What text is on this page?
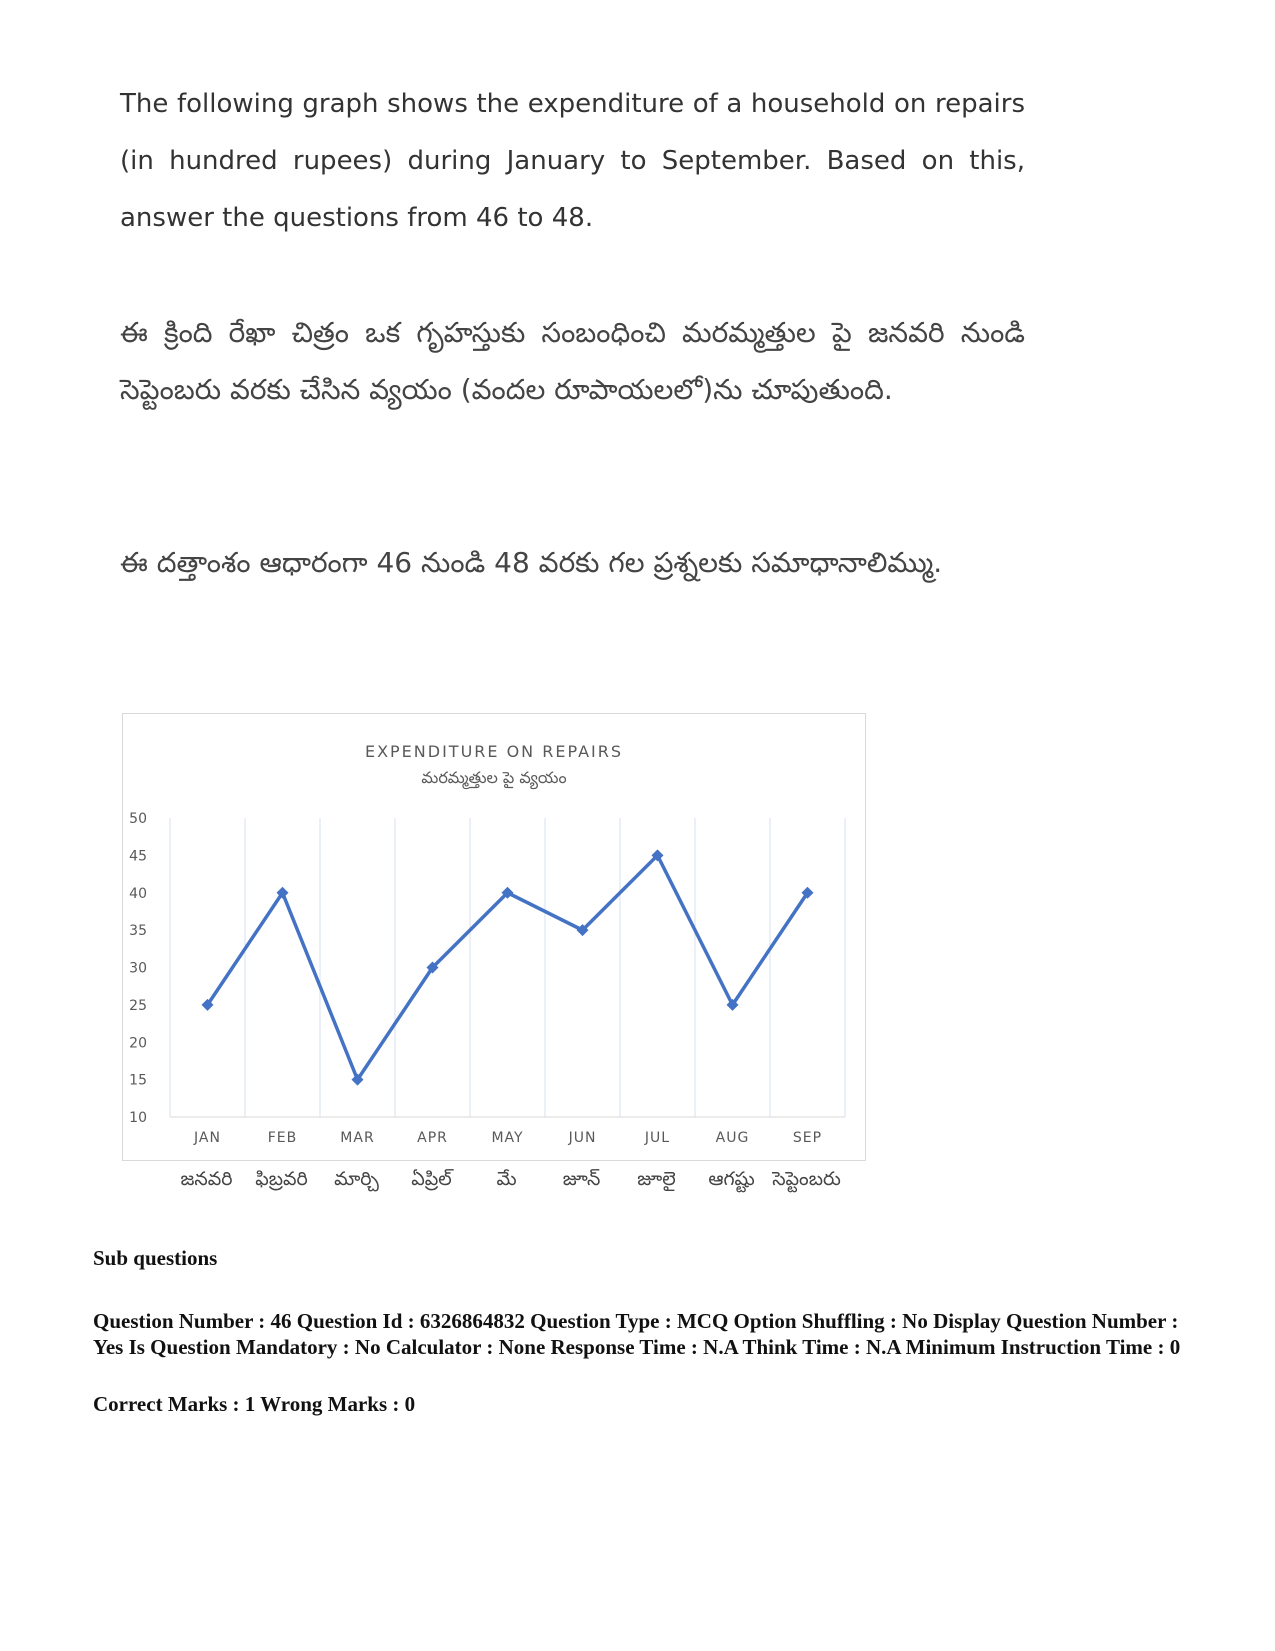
The following graph shows the expenditure of a household on repairs (in hundred rupees) during January to September. Based on this, answer the questions from 46 to 48.

ఈ క్రింది రేఖా చిత్రం ఒక గృహస్తుకు సంబంధించి మరమ్మత్తుల పై జనవరి నుండి సెప్టెంబరు వరకు చేసిన వ్యయం (వందల రూపాయలలో)ను చూపుతుంది.

ఈ దత్తాంశం ఆధారంగా 46 నుండి 48 వరకు గల ప్రశ్నలకు సమాధానాలిమ్ము.

10
15
20
25
30
35
40
45
50
JAN	FEB	MAR	APR	MAY	JUN	JUL	AUG	SEP
EXPENDITURE ON REPAIRS
మరమ్మత్తుల పై వ్యయం
జనవరి ఫిబ్రవరి మార్చి ఏప్రిల్ మే జూన్ జూలై ఆగష్టు సెప్టెంబరు
Sub questions
Question Number : 46 Question Id : 6326864832 Question Type : MCQ Option Shuffling : No Display Question Number : Yes Is Question Mandatory : No Calculator : None Response Time : N.A Think Time : N.A Minimum Instruction Time : 0
Correct Marks : 1 Wrong Marks : 0
